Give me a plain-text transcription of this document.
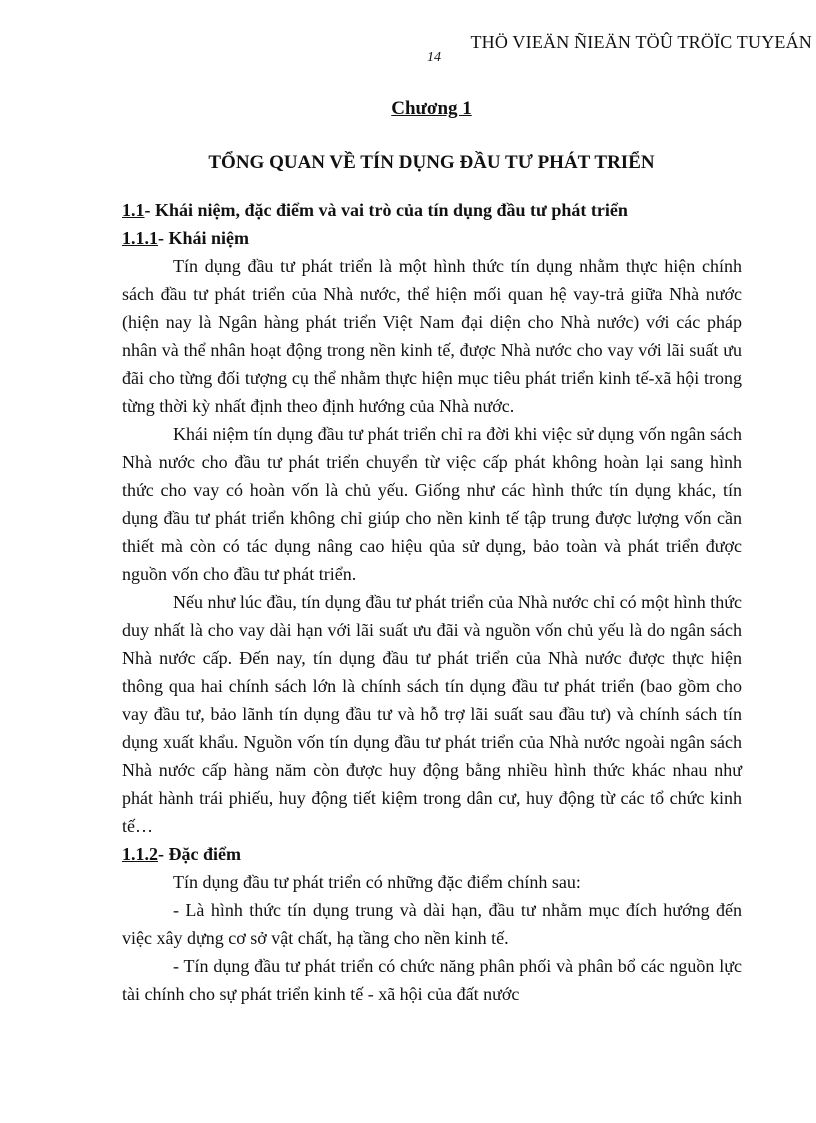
THÖ VIEÄN ÑIEÄN TÖÛ TRÖÏC TUYEÁN
14
Chương 1
TỔNG QUAN VỀ TÍN DỤNG ĐẦU TƯ PHÁT TRIỂN
1.1- Khái niệm, đặc điểm và vai trò của tín dụng đầu tư phát triển
1.1.1- Khái niệm

Tín dụng đầu tư phát triển là một hình thức tín dụng nhằm thực hiện chính sách đầu tư phát triển của Nhà nước, thể hiện mối quan hệ vay-trả giữa Nhà nước (hiện nay là Ngân hàng phát triển Việt Nam đại diện cho Nhà nước) với các pháp nhân và thể nhân hoạt động trong nền kinh tế, được Nhà nước cho vay với lãi suất ưu đãi cho từng đối tượng cụ thể nhằm thực hiện mục tiêu phát triển kinh tế-xã hội trong từng thời kỳ nhất định theo định hướng của Nhà nước.

Khái niệm tín dụng đầu tư phát triển chỉ ra đời khi việc sử dụng vốn ngân sách Nhà nước cho đầu tư phát triển chuyển từ việc cấp phát không hoàn lại sang hình thức cho vay có hoàn vốn là chủ yếu. Giống như các hình thức tín dụng khác, tín dụng đầu tư phát triển không chỉ giúp cho nền kinh tế tập trung được lượng vốn cần thiết mà còn có tác dụng nâng cao hiệu qủa sử dụng, bảo toàn và phát triển được nguồn vốn cho đầu tư phát triển.

Nếu như lúc đầu, tín dụng đầu tư phát triển của Nhà nước chỉ có một hình thức duy nhất là cho vay dài hạn với lãi suất ưu đãi và nguồn vốn chủ yếu là do ngân sách Nhà nước cấp. Đến nay, tín dụng đầu tư phát triển của Nhà nước được thực hiện thông qua hai chính sách lớn là chính sách tín dụng đầu tư phát triển (bao gồm cho vay đầu tư, bảo lãnh tín dụng đầu tư và hỗ trợ lãi suất sau đầu tư) và chính sách tín dụng xuất khẩu. Nguồn vốn tín dụng đầu tư phát triển của Nhà nước ngoài ngân sách Nhà nước cấp hàng năm còn được huy động bằng nhiều hình thức khác nhau như phát hành trái phiếu, huy động tiết kiệm trong dân cư, huy động từ các tổ chức kinh tế…

1.1.2- Đặc điểm

Tín dụng đầu tư phát triển có những đặc điểm chính sau:

- Là hình thức tín dụng trung và dài hạn, đầu tư nhằm mục đích hướng đến việc xây dựng cơ sở vật chất, hạ tầng cho nền kinh tế.

- Tín dụng đầu tư phát triển có chức năng phân phối và phân bổ các nguồn lực tài chính cho sự phát triển kinh tế - xã hội của đất nước
